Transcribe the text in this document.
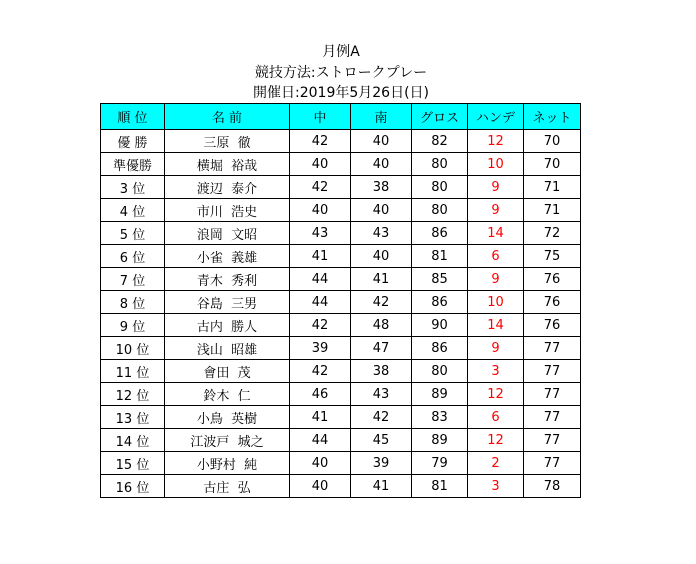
月例A
競技方法:ストロークプレー
開催日:2019年5月26日(日)
順 位	名 前	中	南	グロス	ハンデ	ネット
優 勝	三原  徹	42	40	82	12	70
準優勝	横堀  裕哉	40	40	80	10	70
3 位	渡辺  泰介	42	38	80	9	71
4 位	市川  浩史	40	40	80	9	71
5 位	浪岡  文昭	43	43	86	14	72
6 位	小雀  義雄	41	40	81	6	75
7 位	青木  秀利	44	41	85	9	76
8 位	谷島  三男	44	42	86	10	76
9 位	古内  勝人	42	48	90	14	76
10 位	浅山  昭雄	39	47	86	9	77
11 位	會田  茂	42	38	80	3	77
12 位	鈴木  仁	46	43	89	12	77
13 位	小鳥  英樹	41	42	83	6	77
14 位	江波戸  城之	44	45	89	12	77
15 位	小野村  純	40	39	79	2	77
16 位	古庄  弘	40	41	81	3	78
